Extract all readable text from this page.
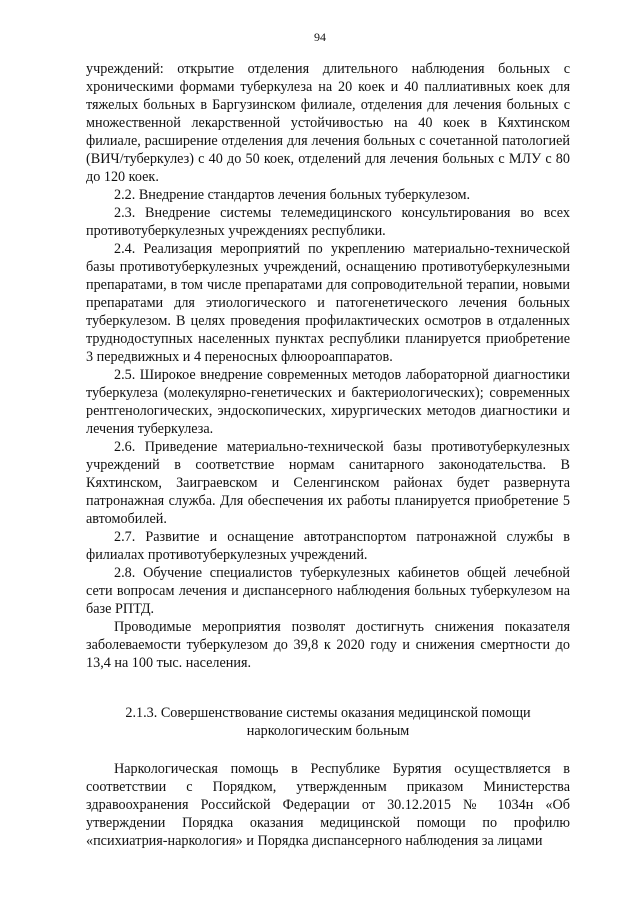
94

учреждений: открытие отделения длительного наблюдения больных с хроническими формами туберкулеза на 20 коек и 40 паллиативных коек для тяжелых больных в Баргузинском филиале, отделения для лечения больных с множественной лекарственной устойчивостью на 40 коек в Кяхтинском филиале, расширение отделения для лечения больных с сочетанной патологией (ВИЧ/туберкулез) с 40 до 50 коек, отделений для лечения больных с МЛУ с 80 до 120 коек.

2.2. Внедрение стандартов лечения больных туберкулезом.

2.3. Внедрение системы телемедицинского консультирования во всех противотуберкулезных учреждениях республики.

2.4. Реализация мероприятий по укреплению материально-технической базы противотуберкулезных учреждений, оснащению противотуберкулезными препаратами, в том числе препаратами для сопроводительной терапии, новыми препаратами для этиологического и патогенетического лечения больных туберкулезом. В целях проведения профилактических осмотров в отдаленных труднодоступных населенных пунктах республики планируется приобретение 3 передвижных и 4 переносных флюороаппаратов.

2.5. Широкое внедрение современных методов лабораторной диагностики туберкулеза (молекулярно-генетических и бактериологических); современных рентгенологических, эндоскопических, хирургических методов диагностики и лечения туберкулеза.

2.6. Приведение материально-технической базы противотуберкулезных учреждений в соответствие нормам санитарного законодательства. В Кяхтинском, Заиграевском и Селенгинском районах будет развернута патронажная служба. Для обеспечения их работы планируется приобретение 5 автомобилей.

2.7. Развитие и оснащение автотранспортом патронажной службы в филиалах противотуберкулезных учреждений.

2.8. Обучение специалистов туберкулезных кабинетов общей лечебной сети вопросам лечения и диспансерного наблюдения больных туберкулезом на базе РПТД.

Проводимые мероприятия позволят достигнуть снижения показателя заболеваемости туберкулезом до 39,8 к 2020 году и снижения смертности до 13,4 на 100 тыс. населения.

2.1.3. Совершенствование системы оказания медицинской помощи
наркологическим больным

Наркологическая помощь в Республике Бурятия осуществляется в соответствии с Порядком, утвержденным приказом Министерства здравоохранения Российской Федерации от 30.12.2015 № 1034н «Об утверждении Порядка оказания медицинской помощи по профилю «психиатрия-наркология» и Порядка диспансерного наблюдения за лицами
